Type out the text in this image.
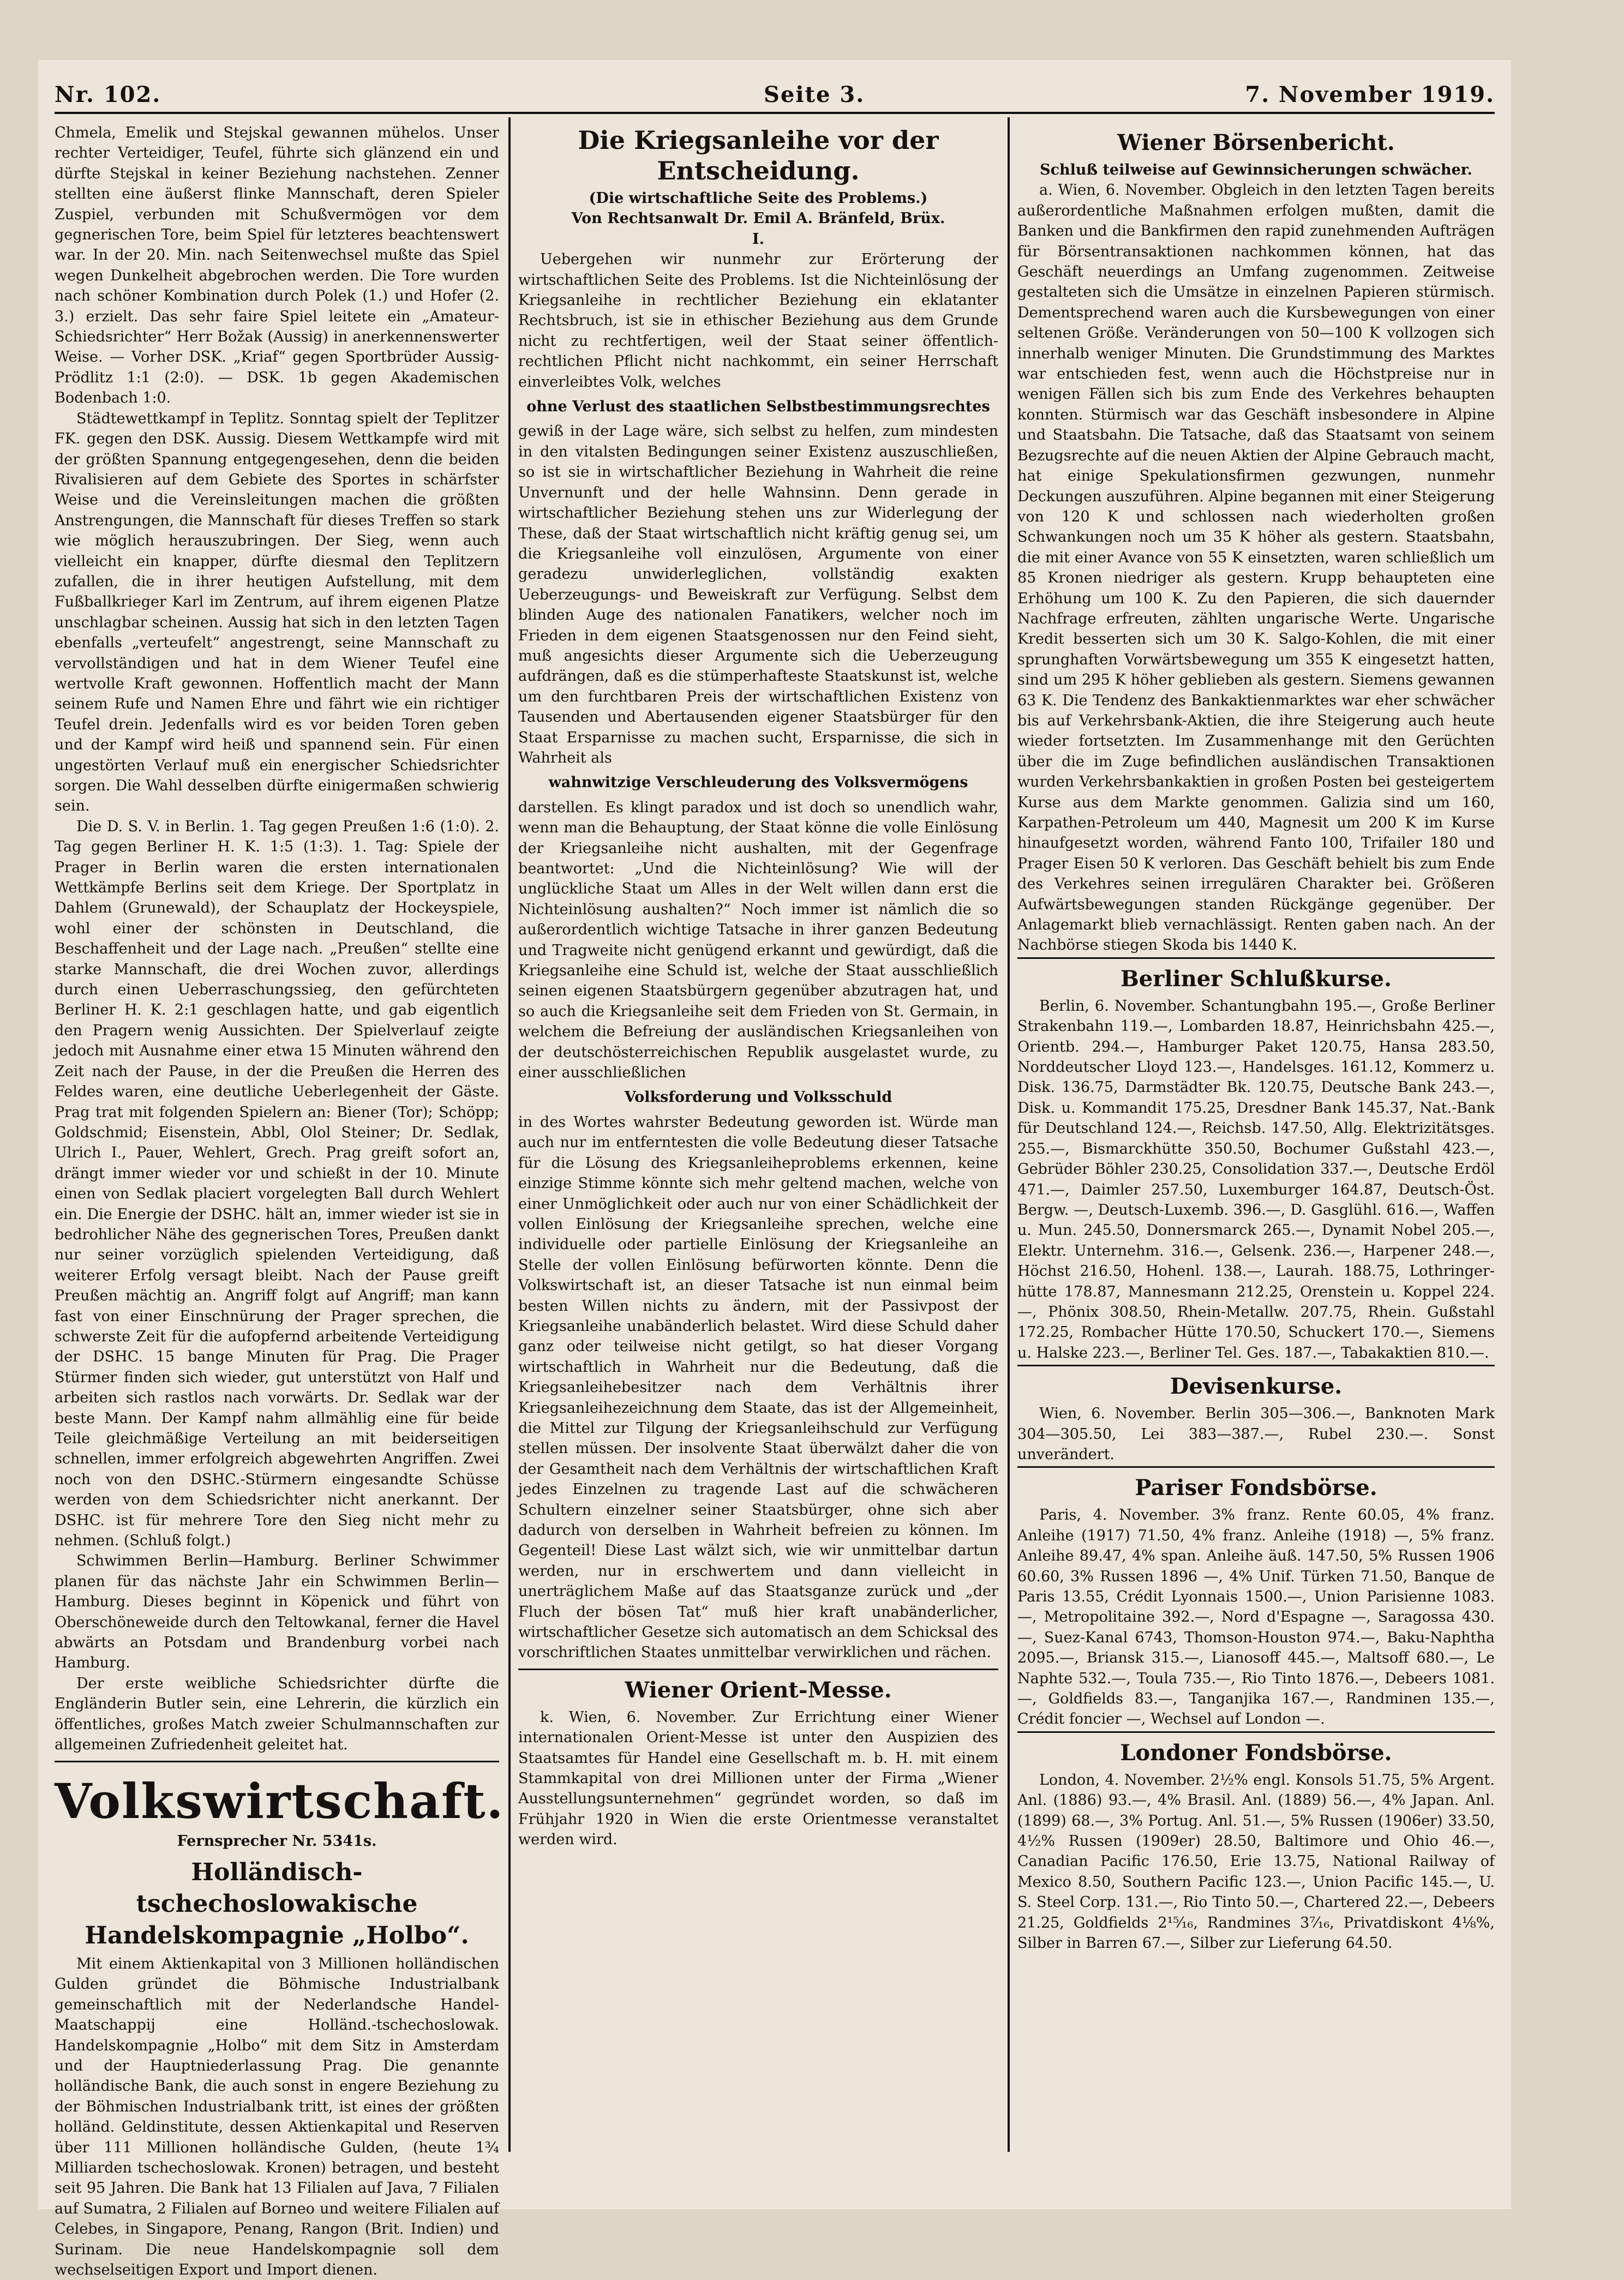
Nr. 102.	Seite 3.	7. November 1919.

Chmela, Emelik und Stejskal gewannen mühelos. Unser rechter Verteidiger, Teufel, führte sich glänzend ein und dürfte Stejskal in keiner Beziehung nachstehen. Zenner stellten eine äußerst flinke Mannschaft, deren Spieler Zuspiel, verbunden mit Schußvermögen vor dem gegnerischen Tore, beim Spiel für letzteres beachtenswert war. In der 20. Min. nach Seitenwechsel mußte das Spiel wegen Dunkelheit abgebrochen werden. Die Tore wurden nach schöner Kombination durch Polek (1.) und Hofer (2. 3.) erzielt. Das sehr faire Spiel leitete ein „Amateur-Schiedsrichter“ Herr Božak (Aussig) in anerkennenswerter Weise. — Vorher DSK. „Kriaf“ gegen Sportbrüder Aussig-Prödlitz 1:1 (2:0). — DSK. 1b gegen Akademischen Bodenbach 1:0.

Städtewettkampf in Teplitz. Sonntag spielt der Teplitzer FK. gegen den DSK. Aussig. Diesem Wettkampfe wird mit der größten Spannung entgegengesehen, denn die beiden Rivalisieren auf dem Gebiete des Sportes in schärfster Weise und die Vereinsleitungen machen die größten Anstrengungen, die Mannschaft für dieses Treffen so stark wie möglich herauszubringen. Der Sieg, wenn auch vielleicht ein knapper, dürfte diesmal den Teplitzern zufallen, die in ihrer heutigen Aufstellung, mit dem Fußballkrieger Karl im Zentrum, auf ihrem eigenen Platze unschlagbar scheinen. Aussig hat sich in den letzten Tagen ebenfalls „verteufelt“ angestrengt, seine Mannschaft zu vervollständigen und hat in dem Wiener Teufel eine wertvolle Kraft gewonnen. Hoffentlich macht der Mann seinem Rufe und Namen Ehre und fährt wie ein richtiger Teufel drein. Jedenfalls wird es vor beiden Toren geben und der Kampf wird heiß und spannend sein. Für einen ungestörten Verlauf muß ein energischer Schiedsrichter sorgen. Die Wahl desselben dürfte einigermaßen schwierig sein.

Die D. S. V. in Berlin. 1. Tag gegen Preußen 1:6 (1:0). 2. Tag gegen Berliner H. K. 1:5 (1:3). 1. Tag: Spiele der Prager in Berlin waren die ersten internationalen Wettkämpfe Berlins seit dem Kriege. Der Sportplatz in Dahlem (Grunewald), der Schauplatz der Hockeyspiele, wohl einer der schönsten in Deutschland, die Beschaffenheit und der Lage nach. „Preußen“ stellte eine starke Mannschaft, die drei Wochen zuvor, allerdings durch einen Ueberraschungssieg, den gefürchteten Berliner H. K. 2:1 geschlagen hatte, und gab eigentlich den Pragern wenig Aussichten. Der Spielverlauf zeigte jedoch mit Ausnahme einer etwa 15 Minuten während den Zeit nach der Pause, in der die Preußen die Herren des Feldes waren, eine deutliche Ueberlegenheit der Gäste. Prag trat mit folgenden Spielern an: Biener (Tor); Schöpp; Goldschmid; Eisenstein, Abbl, Olol Steiner; Dr. Sedlak, Ulrich I., Pauer, Wehlert, Grech. Prag greift sofort an, drängt immer wieder vor und schießt in der 10. Minute einen von Sedlak placiert vorgelegten Ball durch Wehlert ein. Die Energie der DSHC. hält an, immer wieder ist sie in bedrohlicher Nähe des gegnerischen Tores, Preußen dankt nur seiner vorzüglich spielenden Verteidigung, daß weiterer Erfolg versagt bleibt. Nach der Pause greift Preußen mächtig an. Angriff folgt auf Angriff; man kann fast von einer Einschnürung der Prager sprechen, die schwerste Zeit für die aufopfernd arbeitende Verteidigung der DSHC. 15 bange Minuten für Prag. Die Prager Stürmer finden sich wieder, gut unterstützt von Half und arbeiten sich rastlos nach vorwärts. Dr. Sedlak war der beste Mann. Der Kampf nahm allmählig eine für beide Teile gleichmäßige Verteilung an mit beiderseitigen schnellen, immer erfolgreich abgewehrten Angriffen. Zwei noch von den DSHC.-Stürmern eingesandte Schüsse werden von dem Schiedsrichter nicht anerkannt. Der DSHC. ist für mehrere Tore den Sieg nicht mehr zu nehmen. (Schluß folgt.)

Schwimmen Berlin—Hamburg. Berliner Schwimmer planen für das nächste Jahr ein Schwimmen Berlin—Hamburg. Dieses beginnt in Köpenick und führt von Oberschöneweide durch den Teltowkanal, ferner die Havel abwärts an Potsdam und Brandenburg vorbei nach Hamburg.

Der erste weibliche Schiedsrichter dürfte die Engländerin Butler sein, eine Lehrerin, die kürzlich ein öffentliches, großes Match zweier Schulmannschaften zur allgemeinen Zufriedenheit geleitet hat.

Volkswirtschaft.
Fernsprecher Nr. 5341s.
Holländisch-tschechoslowakische Handelskompagnie „Holbo“.

Mit einem Aktienkapital von 3 Millionen holländischen Gulden gründet die Böhmische Industrialbank gemeinschaftlich mit der Nederlandsche Handel-Maatschappij eine Holländ.-tschechoslowak. Handelskompagnie „Holbo“ mit dem Sitz in Amsterdam und der Hauptniederlassung Prag. Die genannte holländische Bank, die auch sonst in engere Beziehung zu der Böhmischen Industrialbank tritt, ist eines der größten holländ. Geldinstitute, dessen Aktienkapital und Reserven über 111 Millionen holländische Gulden, (heute 1¾ Milliarden tschechoslowak. Kronen) betragen, und besteht seit 95 Jahren. Die Bank hat 13 Filialen auf Java, 7 Filialen auf Sumatra, 2 Filialen auf Borneo und weitere Filialen auf Celebes, in Singapore, Penang, Rangon (Brit. Indien) und Surinam. Die neue Handelskompagnie soll dem wechselseitigen Export und Import dienen.

Die Kriegsanleihe vor der Entscheidung.
(Die wirtschaftliche Seite des Problems.)
Von Rechtsanwalt Dr. Emil A. Bränfeld, Brüx.
I.

Uebergehen wir nunmehr zur Erörterung der wirtschaftlichen Seite des Problems. Ist die Nichteinlösung der Kriegsanleihe in rechtlicher Beziehung ein eklatanter Rechtsbruch, ist sie in ethischer Beziehung aus dem Grunde nicht zu rechtfertigen, weil der Staat seiner öffentlich-rechtlichen Pflicht nicht nachkommt, ein seiner Herrschaft einverleibtes Volk, welches

ohne Verlust des staatlichen Selbstbestimmungsrechtes

gewiß in der Lage wäre, sich selbst zu helfen, zum mindesten in den vitalsten Bedingungen seiner Existenz auszuschließen, so ist sie in wirtschaftlicher Beziehung in Wahrheit die reine Unvernunft und der helle Wahnsinn. Denn gerade in wirtschaftlicher Beziehung stehen uns zur Widerlegung der These, daß der Staat wirtschaftlich nicht kräftig genug sei, um die Kriegsanleihe voll einzulösen, Argumente von einer geradezu unwiderleglichen, vollständig exakten Ueberzeugungs- und Beweiskraft zur Verfügung. Selbst dem blinden Auge des nationalen Fanatikers, welcher noch im Frieden in dem eigenen Staatsgenossen nur den Feind sieht, muß angesichts dieser Argumente sich die Ueberzeugung aufdrängen, daß es die stümperhafteste Staatskunst ist, welche um den furchtbaren Preis der wirtschaftlichen Existenz von Tausenden und Abertausenden eigener Staatsbürger für den Staat Ersparnisse zu machen sucht, Ersparnisse, die sich in Wahrheit als

wahnwitzige Verschleuderung des Volksvermögens

darstellen. Es klingt paradox und ist doch so unendlich wahr, wenn man die Behauptung, der Staat könne die volle Einlösung der Kriegsanleihe nicht aushalten, mit der Gegenfrage beantwortet: „Und die Nichteinlösung? Wie will der unglückliche Staat um Alles in der Welt willen dann erst die Nichteinlösung aushalten?“ Noch immer ist nämlich die so außerordentlich wichtige Tatsache in ihrer ganzen Bedeutung und Tragweite nicht genügend erkannt und gewürdigt, daß die Kriegsanleihe eine Schuld ist, welche der Staat ausschließlich seinen eigenen Staatsbürgern gegenüber abzutragen hat, und so auch die Kriegsanleihe seit dem Frieden von St. Germain, in welchem die Befreiung der ausländischen Kriegsanleihen von der deutschösterreichischen Republik ausgelastet wurde, zu einer ausschließlichen

Volksforderung und Volksschuld

in des Wortes wahrster Bedeutung geworden ist. Würde man auch nur im entferntesten die volle Bedeutung dieser Tatsache für die Lösung des Kriegsanleiheproblems erkennen, keine einzige Stimme könnte sich mehr geltend machen, welche von einer Unmöglichkeit oder auch nur von einer Schädlichkeit der vollen Einlösung der Kriegsanleihe sprechen, welche eine individuelle oder partielle Einlösung der Kriegsanleihe an Stelle der vollen Einlösung befürworten könnte. Denn die Volkswirtschaft ist, an dieser Tatsache ist nun einmal beim besten Willen nichts zu ändern, mit der Passivpost der Kriegsanleihe unabänderlich belastet. Wird diese Schuld daher ganz oder teilweise nicht getilgt, so hat dieser Vorgang wirtschaftlich in Wahrheit nur die Bedeutung, daß die Kriegsanleihebesitzer nach dem Verhältnis ihrer Kriegsanleihezeichnung dem Staate, das ist der Allgemeinheit, die Mittel zur Tilgung der Kriegsanleihschuld zur Verfügung stellen müssen. Der insolvente Staat überwälzt daher die von der Gesamtheit nach dem Verhältnis der wirtschaftlichen Kraft jedes Einzelnen zu tragende Last auf die schwächeren Schultern einzelner seiner Staatsbürger, ohne sich aber dadurch von derselben in Wahrheit befreien zu können. Im Gegenteil! Diese Last wälzt sich, wie wir unmittelbar dartun werden, nur in erschwertem und dann vielleicht in unerträglichem Maße auf das Staatsganze zurück und „der Fluch der bösen Tat“ muß hier kraft unabänderlicher, wirtschaftlicher Gesetze sich automatisch an dem Schicksal des vorschriftlichen Staates unmittelbar verwirklichen und rächen.

Wiener Orient-Messe.

k. Wien, 6. November. Zur Errichtung einer Wiener internationalen Orient-Messe ist unter den Auspizien des Staatsamtes für Handel eine Gesellschaft m. b. H. mit einem Stammkapital von drei Millionen unter der Firma „Wiener Ausstellungsunternehmen“ gegründet worden, so daß im Frühjahr 1920 in Wien die erste Orientmesse veranstaltet werden wird.

Wiener Börsenbericht.
Schluß teilweise auf Gewinnsicherungen schwächer.

a. Wien, 6. November. Obgleich in den letzten Tagen bereits außerordentliche Maßnahmen erfolgen mußten, damit die Banken und die Bankfirmen den rapid zunehmenden Aufträgen für Börsentransaktionen nachkommen können, hat das Geschäft neuerdings an Umfang zugenommen. Zeitweise gestalteten sich die Umsätze in einzelnen Papieren stürmisch. Dementsprechend waren auch die Kursbewegungen von einer seltenen Größe. Veränderungen von 50—100 K vollzogen sich innerhalb weniger Minuten. Die Grundstimmung des Marktes war entschieden fest, wenn auch die Höchstpreise nur in wenigen Fällen sich bis zum Ende des Verkehres behaupten konnten. Stürmisch war das Geschäft insbesondere in Alpine und Staatsbahn. Die Tatsache, daß das Staatsamt von seinem Bezugsrechte auf die neuen Aktien der Alpine Gebrauch macht, hat einige Spekulationsfirmen gezwungen, nunmehr Deckungen auszuführen. Alpine begannen mit einer Steigerung von 120 K und schlossen nach wiederholten großen Schwankungen noch um 35 K höher als gestern. Staatsbahn, die mit einer Avance von 55 K einsetzten, waren schließlich um 85 Kronen niedriger als gestern. Krupp behaupteten eine Erhöhung um 100 K. Zu den Papieren, die sich dauernder Nachfrage erfreuten, zählten ungarische Werte. Ungarische Kredit besserten sich um 30 K. Salgo-Kohlen, die mit einer sprunghaften Vorwärtsbewegung um 355 K eingesetzt hatten, sind um 295 K höher geblieben als gestern. Siemens gewannen 63 K. Die Tendenz des Bankaktienmarktes war eher schwächer bis auf Verkehrsbank-Aktien, die ihre Steigerung auch heute wieder fortsetzten. Im Zusammenhange mit den Gerüchten über die im Zuge befindlichen ausländischen Transaktionen wurden Verkehrsbankaktien in großen Posten bei gesteigertem Kurse aus dem Markte genommen. Galizia sind um 160, Karpathen-Petroleum um 440, Magnesit um 200 K im Kurse hinaufgesetzt worden, während Fanto 100, Trifailer 180 und Prager Eisen 50 K verloren. Das Geschäft behielt bis zum Ende des Verkehres seinen irregulären Charakter bei. Größeren Aufwärtsbewegungen standen Rückgänge gegenüber. Der Anlagemarkt blieb vernachlässigt. Renten gaben nach. An der Nachbörse stiegen Skoda bis 1440 K.

Berliner Schlußkurse.

Berlin, 6. November. Schantungbahn 195.—, Große Berliner Strakenbahn 119.—, Lombarden 18.87, Heinrichsbahn 425.—, Orientb. 294.—, Hamburger Paket 120.75, Hansa 283.50, Norddeutscher Lloyd 123.—, Handelsges. 161.12, Kommerz u. Disk. 136.75, Darmstädter Bk. 120.75, Deutsche Bank 243.—, Disk. u. Kommandit 175.25, Dresdner Bank 145.37, Nat.-Bank für Deutschland 124.—, Reichsb. 147.50, Allg. Elektrizitätsges. 255.—, Bismarckhütte 350.50, Bochumer Gußstahl 423.—, Gebrüder Böhler 230.25, Consolidation 337.—, Deutsche Erdöl 471.—, Daimler 257.50, Luxemburger 164.87, Deutsch-Öst. Bergw. —, Deutsch-Luxemb. 396.—, D. Gasglühl. 616.—, Waffen u. Mun. 245.50, Donnersmarck 265.—, Dynamit Nobel 205.—, Elektr. Unternehm. 316.—, Gelsenk. 236.—, Harpener 248.—, Höchst 216.50, Hohenl. 138.—, Laurah. 188.75, Lothringer-hütte 178.87, Mannesmann 212.25, Orenstein u. Koppel 224.—, Phönix 308.50, Rhein-Metallw. 207.75, Rhein. Gußstahl 172.25, Rombacher Hütte 170.50, Schuckert 170.—, Siemens u. Halske 223.—, Berliner Tel. Ges. 187.—, Tabakaktien 810.—.

Devisenkurse.

Wien, 6. November. Berlin 305—306.—, Banknoten Mark 304—305.50, Lei 383—387.—, Rubel 230.—. Sonst unverändert.

Pariser Fondsbörse.

Paris, 4. November. 3% franz. Rente 60.05, 4% franz. Anleihe (1917) 71.50, 4% franz. Anleihe (1918) —, 5% franz. Anleihe 89.47, 4% span. Anleihe äuß. 147.50, 5% Russen 1906 60.60, 3% Russen 1896 —, 4% Unif. Türken 71.50, Banque de Paris 13.55, Crédit Lyonnais 1500.—, Union Parisienne 1083.—, Metropolitaine 392.—, Nord d'Espagne —, Saragossa 430.—, Suez-Kanal 6743, Thomson-Houston 974.—, Baku-Naphtha 2095.—, Briansk 315.—, Lianosoff 445.—, Maltsoff 680.—, Le Naphte 532.—, Toula 735.—, Rio Tinto 1876.—, Debeers 1081.—, Goldfields 83.—, Tanganjika 167.—, Randminen 135.—, Crédit foncier —, Wechsel auf London —.

Londoner Fondsbörse.

London, 4. November. 2½% engl. Konsols 51.75, 5% Argent. Anl. (1886) 93.—, 4% Brasil. Anl. (1889) 56.—, 4% Japan. Anl. (1899) 68.—, 3% Portug. Anl. 51.—, 5% Russen (1906er) 33.50, 4½% Russen (1909er) 28.50, Baltimore und Ohio 46.—, Canadian Pacific 176.50, Erie 13.75, National Railway of Mexico 8.50, Southern Pacific 123.—, Union Pacific 145.—, U. S. Steel Corp. 131.—, Rio Tinto 50.—, Chartered 22.—, Debeers 21.25, Goldfields 2¹⁵⁄₁₆, Randmines 3⁷⁄₁₆, Privatdiskont 4⅛%, Silber in Barren 67.—, Silber zur Lieferung 64.50.
